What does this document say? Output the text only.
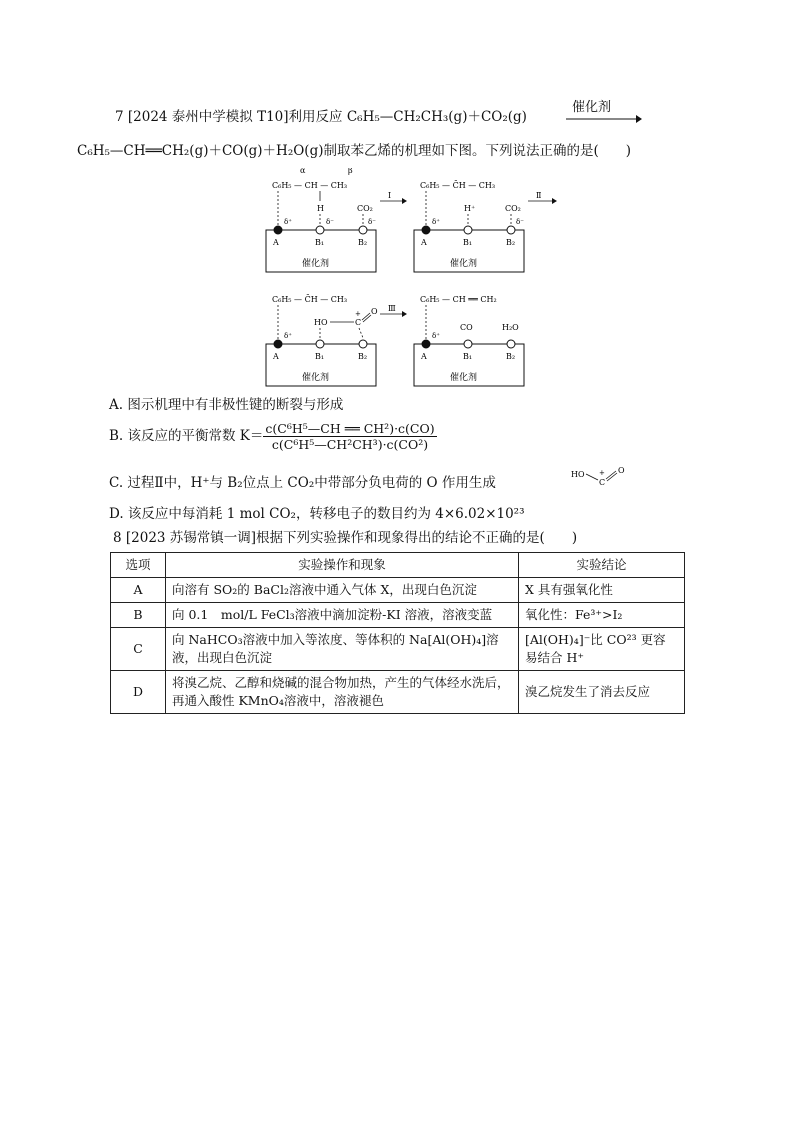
7 [2024 泰州中学模拟 T10]利用反应 C₆H₅—CH₂CH₃(g)＋CO₂(g)
催化剂
C₆H₅—CH══CH₂(g)＋CO(g)＋H₂O(g)制取苯乙烯的机理如下图。下列说法正确的是(　　)
α	β
C₆H₅ — CH — CH₃
H	CO₂
δ⁺	δ⁻	δ⁻
A	B₁	B₂
催化剂
Ⅰ
C₆H₅ — C̄H — CH₃
H⁺	CO₂
δ⁺	δ⁻
A	B₁	B₂
催化剂
Ⅱ
C₆H₅ — C̄H — CH₃
HO
+
C
O
δ⁺
A	B₁	B₂
催化剂
Ⅲ
C₆H₅ — CH ══ CH₂
δ⁺
CO	H₂O
A	B₁	B₂
催化剂
A. 图示机理中有非极性键的断裂与形成
B. 该反应的平衡常数 $K= \frac{\text{c(C⁶H⁵—CH ══ CH²)·c(CO)}}{\text{c(C⁶H⁵—CH²CH³)·c(CO²)}}$
C. 过程Ⅱ中，H⁺与 B₂位点上 CO₂中带部分负电荷的 O 作用生成
HO +
C
O
D. 该反应中每消耗 1 mol CO₂，转移电子的数目约为 4×6.02×10²³
8 [2023 苏锡常镇一调]根据下列实验操作和现象得出的结论不正确的是(　　)
选项	实验操作和现象	实验结论
A	向溶有 SO₂的 BaCl₂溶液中通入气体 X，出现白色沉淀	X 具有强氧化性
B	向 0.1　mol/L FeCl₃溶液中滴加淀粉-KI 溶液，溶液变蓝	氧化性：Fe³⁺>I₂
C	向 NaHCO₃溶液中加入等浓度、等体积的 Na[Al(OH)₄]溶液，出现白色沉淀	[Al(OH)₄]⁻比 CO²³ 更容易结合 H⁺
D	将溴乙烷、乙醇和烧碱的混合物加热，产生的气体经水洗后，再通入酸性 KMnO₄溶液中，溶液褪色	溴乙烷发生了消去反应
